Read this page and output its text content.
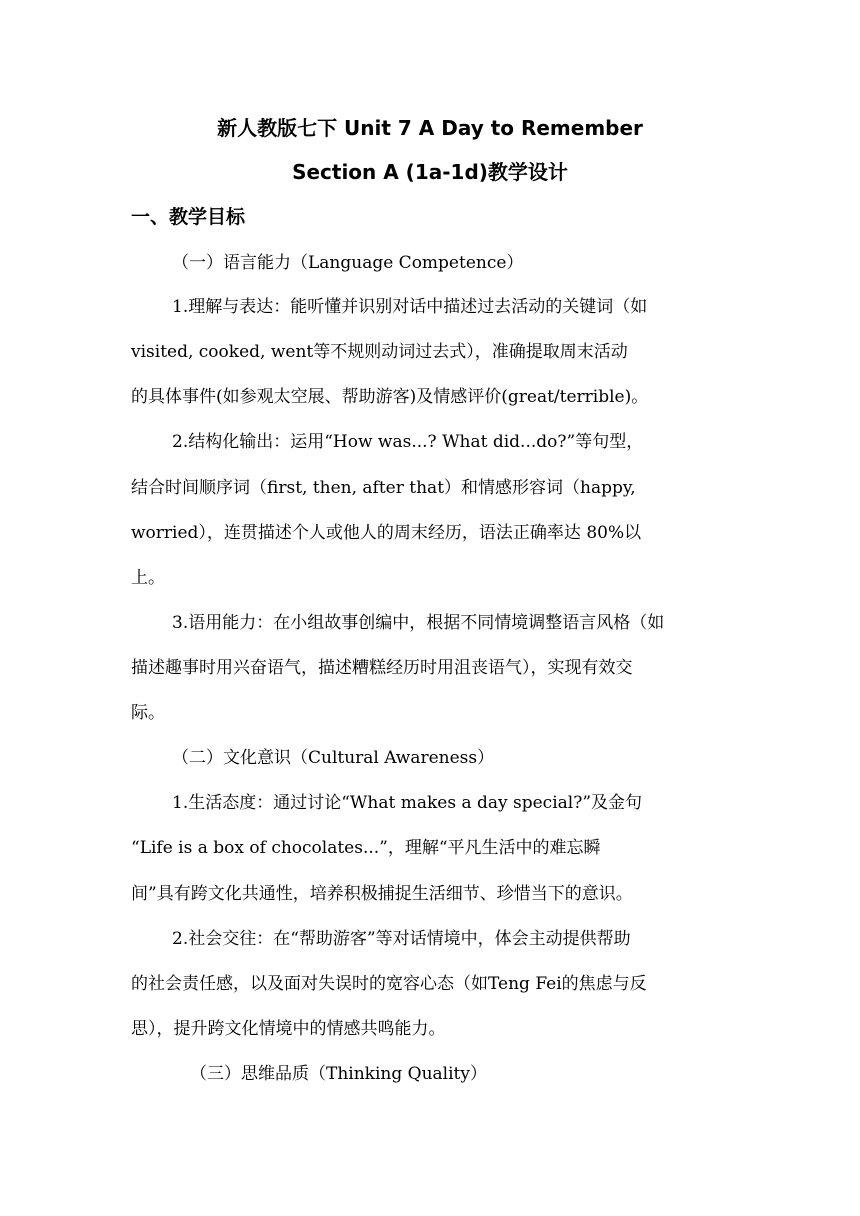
新人教版七下 Unit 7 A Day to Remember
Section A (1a-1d)教学设计
一、教学目标
（一）语言能力（Language Competence）
1.理解与表达：能听懂并识别对话中描述过去活动的关键词（如
visited, cooked, went等不规则动词过去式），准确提取周末活动
的具体事件(如参观太空展、帮助游客)及情感评价(great/terrible)。
2.结构化输出：运用“How was...? What did...do?”等句型，
结合时间顺序词（first, then, after that）和情感形容词（happy,
worried），连贯描述个人或他人的周末经历，语法正确率达 80%以
上。
3.语用能力：在小组故事创编中，根据不同情境调整语言风格（如
描述趣事时用兴奋语气，描述糟糕经历时用沮丧语气），实现有效交
际。
（二）文化意识（Cultural Awareness）
1.生活态度：通过讨论“What makes a day special?”及金句
“Life is a box of chocolates...”，理解“平凡生活中的难忘瞬
间”具有跨文化共通性，培养积极捕捉生活细节、珍惜当下的意识。
2.社会交往：在“帮助游客”等对话情境中，体会主动提供帮助
的社会责任感，以及面对失误时的宽容心态（如Teng Fei的焦虑与反
思），提升跨文化情境中的情感共鸣能力。
（三）思维品质（Thinking Quality）
